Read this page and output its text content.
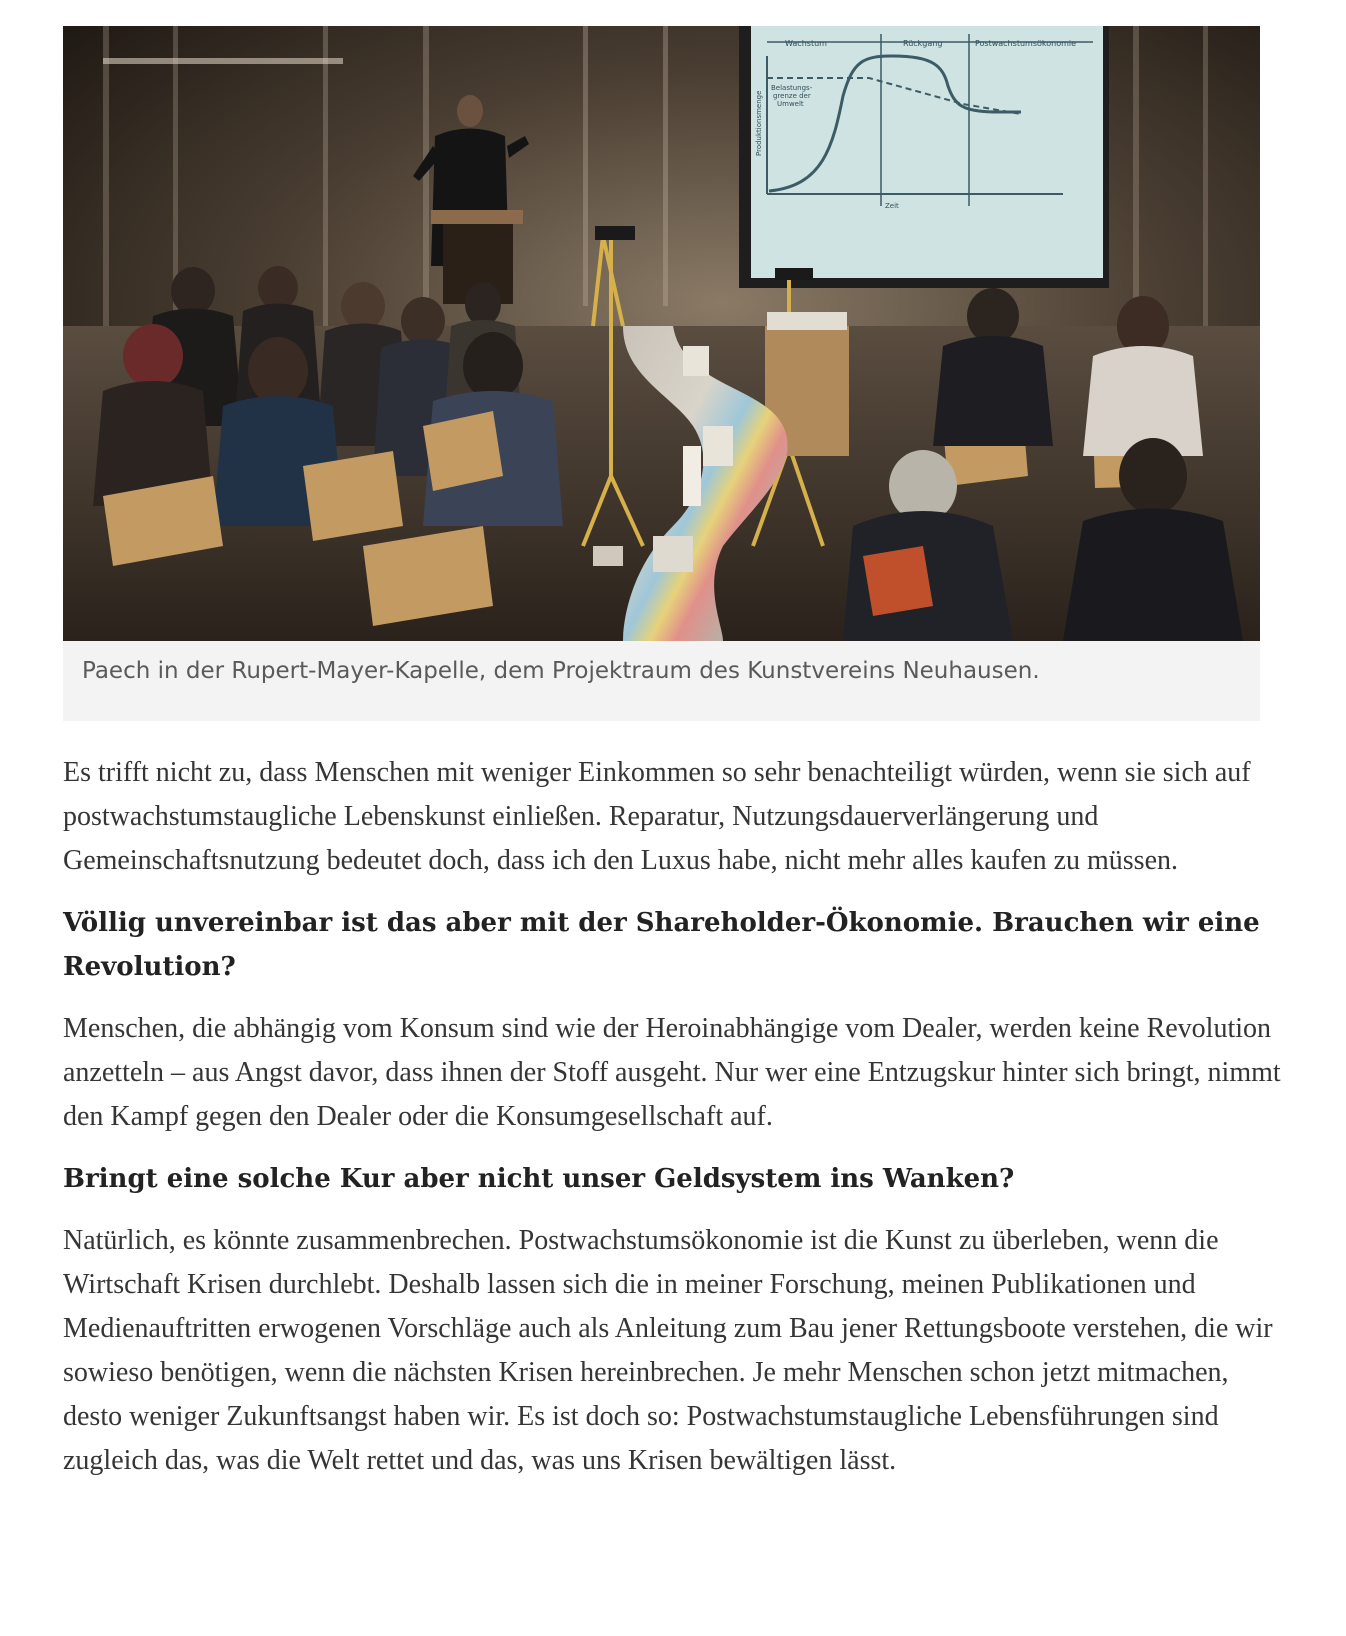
Wachstum	Rückgang	Postwachstumsökonomie
Belastungs-
grenze der
Umwelt
Produktionsmenge
Zeit
Paech in der Rupert-Mayer-Kapelle, dem Projektraum des Kunstvereins Neuhausen.

Es trifft nicht zu, dass Menschen mit weniger Einkommen so sehr benachteiligt würden, wenn sie sich auf postwachstumstaugliche Lebenskunst einließen. Reparatur, Nutzungsdauerverlängerung und Gemeinschaftsnutzung bedeutet doch, dass ich den Luxus habe, nicht mehr alles kaufen zu müssen.

Völlig unvereinbar ist das aber mit der Shareholder-Ökonomie. Brauchen wir eine Revolution?

Menschen, die abhängig vom Konsum sind wie der Heroinabhängige vom Dealer, werden keine Revolution anzetteln – aus Angst davor, dass ihnen der Stoff ausgeht. Nur wer eine Entzugskur hinter sich bringt, nimmt den Kampf gegen den Dealer oder die Konsumgesellschaft auf.

Bringt eine solche Kur aber nicht unser Geldsystem ins Wanken?

Natürlich, es könnte zusammenbrechen. Postwachstumsökonomie ist die Kunst zu überleben, wenn die Wirtschaft Krisen durchlebt. Deshalb lassen sich die in meiner Forschung, meinen Publikationen und Medienauftritten erwogenen Vorschläge auch als Anleitung zum Bau jener Rettungsboote verstehen, die wir sowieso benötigen, wenn die nächsten Krisen hereinbrechen. Je mehr Menschen schon jetzt mitmachen, desto weniger Zukunftsangst haben wir. Es ist doch so: Postwachstumstaugliche Lebensführungen sind zugleich das, was die Welt rettet und das, was uns Krisen bewältigen lässt.
